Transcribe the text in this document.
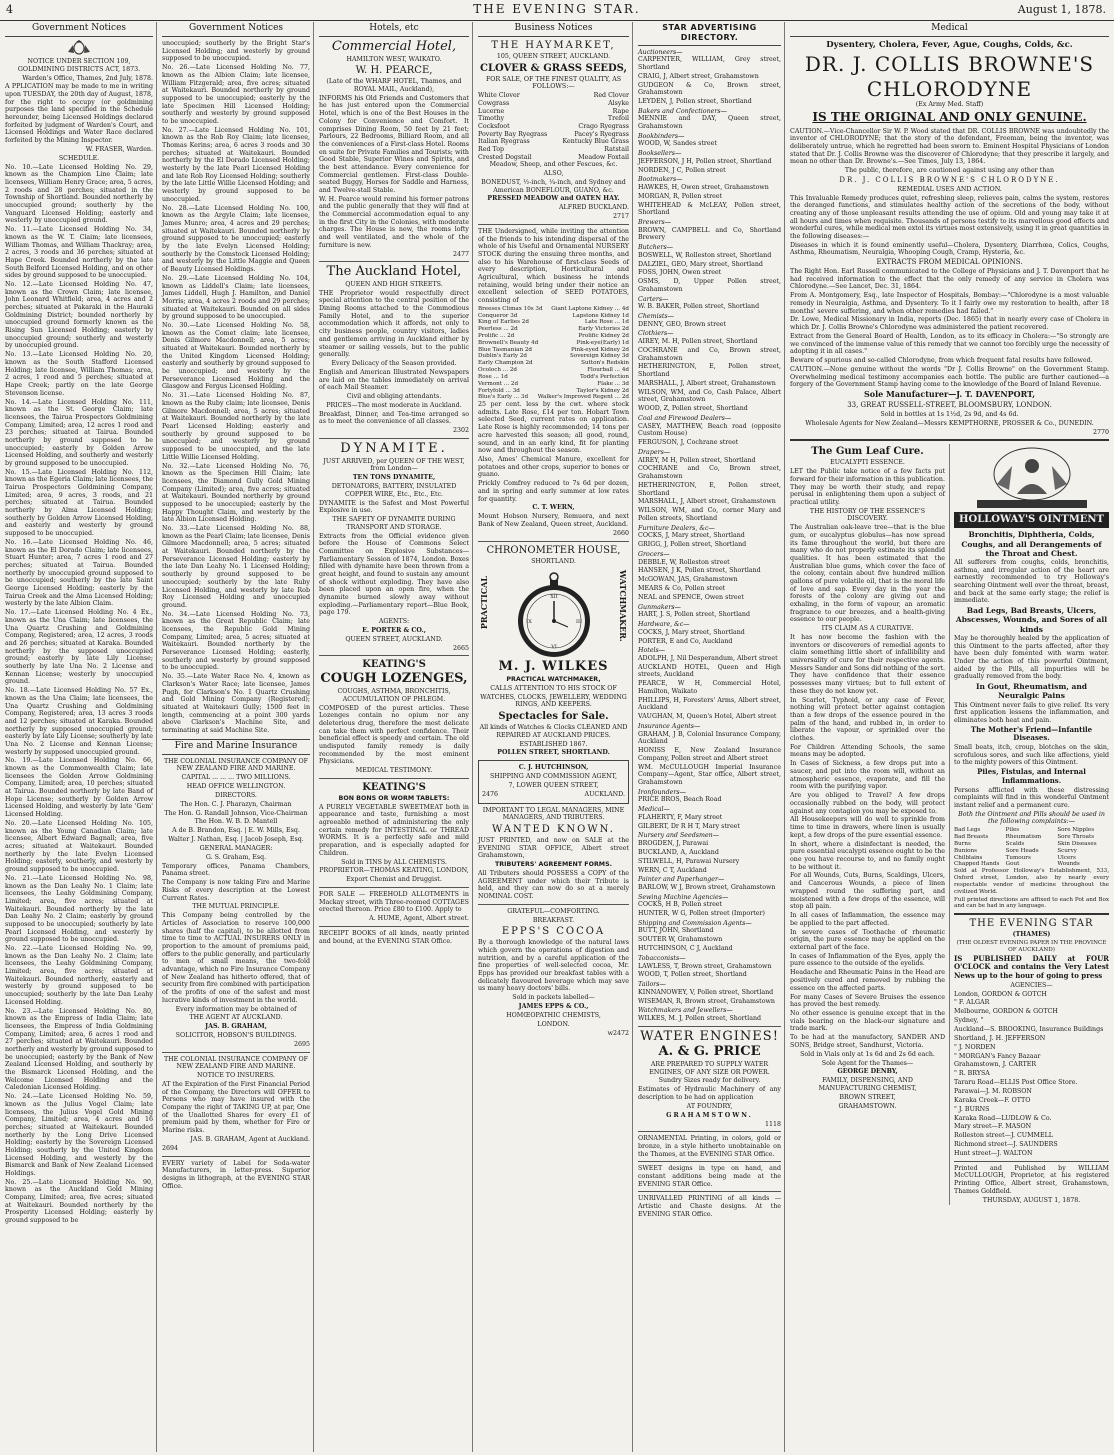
4	THE EVENING STAR.	August 1, 1878.
Government Notices

NOTICE UNDER SECTION 109, GOLDMINING DISTRICTS ACT, 1873.

Warden's Office, Thames, 2nd July, 1878.

A PPLICATION may be made to me in writing upon TUESDAY, the 20th day of August, 1878, for the right to occupy (or goldmining purposes the land specified in the Schedule hereunder, being Licensed Holdings declared forfeited by judgment of Warden's Court, and Licensed Holdings and Water Race declared forfeited by the Mining Inspector.

W. FRASER, Warden.

SCHEDULE.

No. 10.—Late Licensed Holding No. 29, known as the Champion Line Claim; late licensees, William Henry Grace; area, 5 acres, 2 roods and 28 perches; situated in the Township of Shortland. Bounded northerly by unoccupied ground; southerly by the Vanguard Licensed Holding; easterly and westerly by unoccupied ground.

No. 11.—Late Licensed Holding No. 34, known as the W. T. Claim; late licensees, William Thomas, and William Thackray; area, 2 acres, 3 roods and 36 perches; situated at Hape Creek. Bounded northerly by the late South Belford Licensed Holding, and on other sides by ground supposed to be unoccupied.

No. 12.—Late Licensed Holding No. 47, known as the Crown Claim; late licensee, John Leonard Whitfield; area, 4 acres and 2 perches; situated at Pakaraki in the Hauraki Goldmining District; bounded northerly by unoccupied ground formerly known as the Rising Sun Licensed Holding; easterly by unoccupied ground; southerly and westerly by unoccupied ground.

No. 13.—Late Licensed Holding No. 20, known as the South Stafford Licensed Holding; late licensee, William Thomas; area, 2 acres, 1 rood and 5 perches; situated at Hape Creek; partly on the late George Stevenson license.

No. 14.—Late Licensed Holding No. 111, known as the St. George Claim; late licensees, the Tairua Prospectors Goldmining Company, Limited; area, 12 acres 1 rood and 23 perches; situated at Tairua. Bounded northerly by ground supposed to be unoccupied; easterly by Golden Arrow Licensed Holding, and southerly and westerly by ground supposed to be unoccupied.

No. 15.—Late Licensed Holding No. 112, known as the Egeria Claim; late licensees, the Tairua Prospectors Goldmining Company, Limited; area, 9 acres, 3 roods, and 21 perches; situated at Tairua. Bounded northerly by Alma Licensed Holding; southerly by Golden Arrow Licensed Holding, and easterly and westerly by ground supposed to be unoccupied.

No. 16.—Late Licensed Holding No. 46, known as the El Dorado Claim; late licensees, Stuart Hunter; area, 7 acres 1 rood and 27 perches; situated at Tairua. Bounded northerly by unoccupied ground supposed to be unoccupied; southerly by the late Saint George Licensed Holding; easterly by the Tairua Creek and the Alma Licensed Holding; westerly by the late Albion Claim.

No. 17.—Late Licensed Holding No. 4 Ex., known as the Una Claim; late licensees, the Una Quartz Crushing and Goldmining Company, Registered; area, 12 acres, 3 roods and 26 perches; situated at Karaka. Bounded northerly by the supposed unoccupied ground; easterly by late Lily License; southerly by late Una No. 2 License and Kennan License; westerly by unoccupied ground.

No. 18.—Late Licensed Holding No. 57 Ex., known as the Una Claim; late licensees, the Una Quartz Crushing and Goldmining Company, Registered; area, 13 acres 3 roods and 12 perches; situated at Karaka. Bounded northerly by supposed unoccupied ground; easterly by late Lily License; southerly by late Una No. 2 License and Kennan License; westerly by supposed unoccupied ground.

No. 19.—Late Licensed Holding No. 66, known as the Commonwealth Claim; late licensees the Golden Arrow Goldmining Company, Limited; area, 10 perches; situated at Tairua. Bounded northerly by late Band of Hope License; southerly by Golden Arrow Licensed Holding, and westerly by late 'Gem' Licensed Holding.

No. 20.—Late Licensed Holding No. 105, known as the Young Canadian Claim; late licensee, Albert Edward Bagnall; area, five acres; situated at Waitekauri. Bounded northerly by the late Evelyn Licensed Holding; easterly, southerly, and westerly by ground supposed to be unoccupied.

No. 21.—Late Licensed Holding No. 98, known as the Dan Leahy No. 1 Claim; late licensees, the Leahy Goldmining Company, Limited; area, five acres; situated at Waitekauri. Bounded northerly by the late Dan Leahy No. 2 Claim; easterly by ground supposed to be unoccupied; southerly by late Pearl Licensed Holding, and westerly by ground supposed to be unoccupied.

No. 22.—Late Licensed Holding No. 99, known as the Dan Leahy No. 2 Claim; late licensees, the Leahy Goldmining Company, Limited; area, five acres; situated at Waitekauri. Bounded northerly, easterly and westerly by ground supposed to be unoccupied; southerly by the late Dan Leahy Licensed Holding.

No. 23.—Late Licensed Holding No. 80, known as the Empress of India Claim; late licensees, the Empress of India Goldmining Company, Limited; area, 6 acres 1 rood and 27 perches; situated at Waitekauri. Bounded northerly and westerly by ground supposed to be unoccupied; easterly by the Bank of New Zealand Licensed Holding, and southerly by the Bismarck Licensed Holding, and the Welcome Licensed Holding and the Caledonian Licensed Holding.

No. 24.—Late Licensed Holding No. 59, known as the Julius Vogel Claim; late licensees, the Julius Vogel Gold Mining Company, Limited; area, 4 acres and 16 perches; situated at Waitekauri. Bounded northerly by the Long Drive Licensed Holding; easterly by the Sovereign Licensed Holding; southerly by the United Kingdom Licensed Holding, and westerly by the Bismarck and Bank of New Zealand Licensed Holdings.

No. 25.—Late Licensed Holding No. 90, known as the Auckland Gold Mining Company, Limited; area, five acres; situated at Waitekauri. Bounded northerly by the Prosperity Licensed Holding; easterly by ground supposed to be

Government Notices

unoccupied; southerly by the Bright Star's Licensed Holding; and westerly by ground supposed to be unoccupied.

No. 26.—Late Licensed Holding No. 77, known as the Albion Claim; late licensee, William Fitzgerald; area, five acres; situated at Waitekauri. Bounded northerly by ground supposed to be unoccupied; easterly by the late Specimen Hill Licensed Holding; southerly and westerly by ground supposed to be unoccupied.

No. 27.—Late Licensed Holding No. 101, known as the Rob Roy Claim; late licensee, Thomas Kerins; area, 6 acres 3 roods and 30 perches; situated at Waitekauri. Bounded northerly by the El Dorado Licensed Holding; westerly by the late Pearl Licensed Holding and late Rob Roy Licensed Holding; southerly by the late Little Willie Licensed Holding; and westerly by ground supposed to be unoccupied.

No. 28.—Late Licensed Holding No. 100, known as the Argyle Claim; late licensee, James Munro; area, 4 acres and 29 perches; situated at Waitekauri. Bounded northerly by ground supposed to be unoccupied; easterly by the late Evelyn Licensed Holding; southerly by the Comstock Licensed Holding; and westerly by the Little Maggie and Queen of Beauty Licensed Holdings.

No. 29.—Late Licensed Holding No. 104, known as Liddell's Claim; late licensees, James Liddell, Hugh J. Hamilton, and Daniel Morris; area, 4 acres 2 roods and 29 perches; situated at Waitekauri. Bounded on all sides by ground supposed to be unoccupied.

No. 30.—Late Licensed Holding No. 58, known as the Comet claim; late licensee, Denis Gilmore Macdonnell; area, 5 acres; situated at Waitekauri. Bounded northerly by the United Kingdom Licensed Holding; easterly and southerly by ground supposed to be unoccupied; and westerly by the Perseverance Licensed Holding and the Glasgow and Fergus Licensed Holding.

No. 31.—Late Licensed Holding No. 87, known as the Ruby claim; late licensee, Denis Gilmore Macdonnell; area, 5 acres; situated at Waitekauri. Bounded northerly by the late Pearl Licensed Holding; easterly and southerly by ground supposed to be unoccupied; and westerly by ground supposed to be unoccupied, and the late Little Willie Licensed Holding.

No. 32.—Late Licensed Holding No. 76, known as the Specimen Hill Claim; late licensees, the Diamond Gully Gold Mining Company (Limited); area, five acres; situated at Waitekauri. Bounded northerly by ground supposed to be unoccupied; easterly by the Happy Thought Claim, and westerly by the late Albion Licensed Holding.

No. 33.—Late Licensed Holding No. 88, known as the Pearl Claim; late licensee, Denis Gilmore Macdonnell; area, 5 acres; situated at Waitekauri. Bounded northerly by the Perseverance Licensed Holding; easterly by the late Dan Leahy No. 1 Licensed Holding; southerly by ground supposed to be unoccupied; southerly by the late Ruby Licensed Holding, and westerly by late Rob Roy Licensed Holding and unoccupied ground.

No. 34.—Late Licensed Holding No. 73, known as the Great Republic Claim; late licensees, the Republic Gold Mining Company, Limited; area, 5 acres; situated at Waitekauri. Bounded northerly by the Perseverance Licensed Holding; easterly, southerly and westerly by ground supposed to be unoccupied.

No. 35.—Late Water Race No. 4, known as Clarkson's Water Race; late licensee, James Pugh, for Clarkson's No. 1 Quartz Crushing and Gold Mining Company (Registered); situated at Waitekauri Gully; 1500 feet in length, commencing at a point 300 yards above Clarkson's Machine Site, and terminating at said Machine Site.

Fire and Marine Insurance

THE COLONIAL INSURANCE COMPANY OF NEW ZEALAND FIRE AND MARINE.

CAPITAL ... ... ... TWO MILLIONS.

HEAD OFFICE WELLINGTON.

DIRECTORS.

The Hon. C. J. Pharazyn, Chairman

The Hon. G. Randall Johnson, Vice-Chairman

The Hon. W. B. D. Mantell

A de B. Brandon, Esq. | E. W. Mills, Esq.

Walter J. Nathan, Esq. | Jacob Joseph, Esq.

GENERAL MANAGER:

G. S. Graham, Esq.

Temporary offices, Panama Chambers, Panama street.

The Company is now taking Fire and Marine Risks of every description at the Lowest Current Rates.

THE MUTUAL PRINCIPLE.

This Company being controlled by the Articles of Association to reserve 100,000 shares (half the capital), to be allotted from time to time to ACTUAL INSURERS ONLY in proportion to the amount of premiums paid, offers to the public generally, and particularly to men of small means, the two-fold advantage, which no Fire Insurance Company of New Zealand has hitherto offered, that of security from fire combined with participation of the profits of one of the safest and most lucrative kinds of investment in the world.

Every information may be obtained of

THE AGENT AT AUCKLAND.

JAS. B. GRAHAM,

SOLICITOR, HOBSON'S BUILDINGS.

2695

THE COLONIAL INSURANCE COMPANY OF NEW ZEALAND FIRE AND MARINE.

NOTICE TO INSURERS.

AT the Expiration of the First Financial Period of the Company, the Directors will OFFER to Persons who may have insured with the Company the right of TAKING UP, at par, One of the Unallotted Shares for every £1 of premium paid by them, whether for Fire or Marine risks.

JAS. B. GRAHAM, Agent at Auckland.

2694

EVERY variety of Label for Soda-water Manufacturers, in letter-press. Superior designs in lithograph, at the EVENING STAR Office.

Hotels, etc
Commercial Hotel,

HAMILTON WEST, WAIKATO.

W. H. PEARCE,

(Late of the WHARF HOTEL, Thames, and ROYAL MAIL, Auckland),

INFORMS his Old Friends and Customers that he has just entered upon the Commercial Hotel, which is one of the Best Houses in the Colony for Convenience and Comfort. It comprises Dining Room, 50 feet by 21 feet; Parlours, 22 Bedrooms, Billiard Room, and all the conveniences of a First-class Hotel. Rooms en suite for Private Families and Tourists; with Good Stable, Superior Wines and Spirits, and the best attendance. Every convenience for Commercial gentlemen. First-class Double-seated Buggy, Horses for Saddle and Harness, and Twelve-stall Stable.

W. H. Pearce would remind his former patrons and the public generally that they will find at the Commercial accommodation equal to any in the first City in the Colonies, with moderate charges. The House is new, the rooms lofty and well ventilated, and the whole of the furniture is new.

2477

The Auckland Hotel,

QUEEN AND HIGH STREETS.

THE Proprietor would respectfully direct special attention to the central position of the Dining Rooms attached to the Commodious Family Hotel, and to the superior accommodation which it affords, not only to city business people, country visitors, ladies and gentlemen arriving in Auckland either by steamer or sailing vessels, but to the public generally.

Every Delicacy of the Season provided.

English and American Illustrated Newspapers are laid on the tables immediately on arrival of each Mail Steamer.

Civil and obliging attendants.

PRICES—The most moderate in Auckland.

Breakfast, Dinner, and Tea-time arranged so as to meet the convenience of all classes.

2302

DYNAMITE.

JUST ARRIVED, per QUEEN OF THE WEST, from London—

TEN TONS DYNAMITE,

DETONATORS, BATTERY, INSULATED COPPER WIRE, Etc., Etc., Etc.

DYNAMITE is the Safest and Most Powerful Explosive in use.

THE SAFETY OF DYNAMITE DURING TRANSPORT AND STORAGE.

Extracts from the Official evidence given before the House of Commons Select Committee on Explosive Substances—Parliamentary Session of 1874, London. Boxes filled with dynamite have been thrown from a great height, and found to sustain any amount of shock without exploding. They have also been placed upon an open fire, when the dynamite burned slowly away without exploding.—Parliamentary report—Blue Book, page 179.

AGENTS:

E. PORTER & CO.,

QUEEN STREET, AUCKLAND.

2665

KEATING'S
COUGH LOZENGES,

COUGHS, ASTHMA, BRONCHITIS, ACCUMULATION OF PHLEGM.

COMPOSED of the purest articles. These Lozenges contain no opium nor any deleterious drug, therefore the most delicate can take them with perfect confidence. Their beneficial effect is speedy and certain. The old undisputed family remedy is daily recommended by the most eminent Physicians.

MEDICAL TESTIMONY.

KEATING'S

BON BONS OR WORM TABLETS:

A PURELY VEGETABLE SWEETMEAT both in appearance and taste, furnishing a most agreeable method of administering the only certain remedy for INTESTINAL or THREAD WORMS. It is a perfectly safe and mild preparation, and is especially adapted for Children.

Sold in TINS by ALL CHEMISTS.

PROPRIETOR—THOMAS KEATING, LONDON,

Export Chemist and Druggist.

FOR SALE — FREEHOLD ALLOTMENTS in Mackay street, with Three-roomed COTTAGES erected thereon. Price £80 to £100. Apply to

A. HUME, Agent, Albert street.

RECEIPT BOOKS of all kinds, neatly printed and bound, at the EVENING STAR Office.

Business Notices
THE HAYMARKET,

105, QUEEN STREET, AUCKLAND.

CLOVER & GRASS SEEDS,

FOR SALE, OF THE FINEST QUALITY, AS FOLLOWS:—

White Clover	Red Clover
Cowgrass	Alsyke
Lucerne	Rape
Timothy	Trefoil
Cocksfoot	Crago Ryegrass
Poverty Bay Ryegrass	Pacey's Ryegrass
Italian Ryegrass	Kentucky Blue Grass
Red Top	Ratstail
Crested Dogstail	Meadow Foxtail

Meadow, Sheep, and other Fescues, &c.

ALSO,

BONEDUST, ½-inch, ¼-inch, and Sydney and American BONEFLOUR, GUANO, &c.

PRESSED MEADOW and OATEN HAY.

ALFRED BUCKLAND.

2717

THE Undersigned, while inviting the attention of the friends to his intending dispersal of the whole of his Useful and Ornamental NURSERY STOCK during the ensuing three months, and also to his Warehouse of first-class Seeds of every description, Horticultural and Agricultural, which business he intends retaining, would bring under their notice an excellent selection of SEED POTATOES, consisting of

Breeses Climax 10s 3d Giant Laptone Kidney ... 4d
Conqueror 3d	Lapstone Kidney 1d
King of Earlies 2d	Late Rose ... 1d
Peerless ... 2d	Early Victories 2d
Prolific ... 2d	Prolific Kidney 2d
Brownell's Beauty 4d	Pink-eye(Early) 1d
Blue Tasmanian 2d	Pink-eyed Kidney 2d
Dublin's Early 2d	Sovereign Kidney 3d
Early Champion 2d	Sutton's Redskin
Ocoloch ... 2d	Flourball ... 4d
Rose ... 1d	Todd's Perfection
Vermont ... 2d	Flake ... 3d
Fortyfold ... 3d	Taylor's Kidney 2d
Blue's Early ... 3d Walker's Improved Regent ... 2d

25 per cent. less by the cwt. where stock admits. Late Rose, £14 per ton. Hobart Town selected Seed, current rates on application. Late Rose is highly recommended; 14 tons per acre harvested this season; all good, round, sound, and in an early kind, fit for planting now and throughout the season.

Also, Ames' Chemical Manure, excellent for potatoes and other crops, superior to bones or guano.

Prickly Comfrey reduced to 7s 6d per dozen, and in spring and early summer at low rates for quantity.

C. T. WERN,

Mount Hobson Nursery, Remuera, and next Bank of New Zealand, Queen street, Auckland.

2660

CHRONOMETER HOUSE,

SHORTLAND.

PRACTICAL	XII
III
VI
IX	WATCHMAKER.
M. J. WILKES

PRACTICAL WATCHMAKER,

CALLS ATTENTION TO HIS STOCK OF

WATCHES, CLOCKS, JEWELLERY, WEDDING RINGS, AND KEEPERS.

Spectacles for Sale.

All kinds of Watches & Clocks CLEANED AND REPAIRED AT AUCKLAND PRICES.

ESTABLISHED 1867.

POLLEN STREET, SHORTLAND.

C. J. HUTCHINSON,

SHIPPING AND COMMISSION AGENT,

7, LOWER QUEEN STREET,

2476	AUCKLAND.

IMPORTANT TO LEGAL MANAGERS, MINE MANAGERS, AND TRIBUTERS.

WANTED KNOWN.

JUST PRINTED, and now on SALE at the EVENING STAR OFFICE, Albert street Grahamstown,

TRIBUTERS' AGREEMENT FORMS.

All Tributers should POSSESS a COPY of the AGREEMENT under which their Tribute is held, and they can now do so at a merely NOMINAL COST.

GRATEFUL—COMFORTING.

BREAKFAST.

EPPS'S COCOA

By a thorough knowledge of the natural laws which govern the operations of digestion and nutrition, and by a careful application of the fine properties of well-selected cocoa, Mr. Epps has provided our breakfast tables with a delicately flavoured beverage which may save us many heavy doctors' bills.

Sold in packets labelled—

JAMES EPPS & CO.,

HOMŒOPATHIC CHEMISTS,

LONDON.

w2472

STAR ADVERTISING DIRECTORY.
Auctioneers—

CARPENTER, WILLIAM, Grey street, Shortland

CRAIG, J, Albert street, Grahamstown

GUDGEON & Co, Brown street, Grahamstown

LEYDEN, J, Pollen street, Shortland

Bakers and Confectioners—

MENNIE and DAY, Queen street, Grahamstown

Bookbinders—

WOOD, W, Sandes street

Booksellers—

JEFFERSON, J H, Pollen street, Shortland

NORDEN, J C, Pollen street

Bootmakers—

HAWKES, H, Owen street, Grahamstown

MORGAN, R, Pollen street

WHITEHEAD & McLEAY, Pollen street, Shortland

Brewers—

BROWN, CAMPBELL and Co, Shortland Brewery

Butchers—

BOSWELL, W, Rolleston street, Shortland

DALZIEL, GEO, Mary street, Shortland

FOSS, JOHN, Owen street

OSMS, D, Upper Pollen street, Grahamstown

Carters—

W. B. BAKER, Pollen street, Shortland

Chemists—

DENNY, GEO, Brown street

Clothiers—

AIREY, M. H, Pollen street, Shortland

COCHRANE and Co, Brown street, Grahamstown

HETHERINGTON, E, Pollen street, Shortland

MARSHALL, J, Albert street, Grahamstown

WILSON, WM, and Co, Cash Palace, Albert street, Grahamstown

WOOD, Z, Pollen street, Shortland

Coal and Firewood Dealers—

CASEY, MATTHEW, Beach road (opposite Custom House)

FERGUSON, J, Cochrane street

Drapers—

AIREY, M H, Pollen street, Shortland

COCHRANE and Co, Brown street, Grahamstown

HETHERINGTON, E, Pollen street, Shortland

MARSHALL, J, Albert street, Grahamstown

WILSON, WM, and Co, corner Mary and Pollen streets, Shortland

Furniture Dealers, &c—

COCKS, J, Mary street, Shortland

GRIGG, J, Pollen street, Shortland

Grocers—

DEBBLE, W, Rolleston street

HANSEN, J K, Pollen street, Shortland

McGOWAN, JAS, Grahamstown

MEARS & Co, Pollen street

NEAL and SPENCE, Owen street

Gunmakers—

HART, J. S, Pollen street, Shortland

Hardware, &c—

COCKS, J, Mary street, Shortland

PORTER, E and Co, Auckland

Hotels—

ADOLPH, J, Nil Desperandum, Albert street

AUCKLAND HOTEL, Queen and High streets, Auckland

PEARCE, W H, Commercial Hotel, Hamilton, Waikato

PHILLIPS, H, Foresters' Arms, Albert street, Auckland

VAUGHAN, M, Queen's Hotel, Albert street

Insurance Agents—

GRAHAM, J B, Colonial Insurance Company, Auckland

HONISS E, New Zealand Insurance Company, Pollen street and Albert street

WM. McCULLOUGH Imperial Insurance Company—Agent, Star office, Albert street, Grahamstown

Ironfounders—

PRICE BROS, Beach Road

Medical—

FLAHERTY, F, Mary street

GILBERT, Dr R H T, Mary street

Nursery and Seedsmen—

BROGDEN, J, Parawai

BUCKLAND, A, Auckland

STILWELL, H, Parawai Nursery

WERN, C T, Auckland

Painter and Paperhanger—

BARLOW, W J, Brown street, Grahamstown

Sewing Machine Agencies—

COCKS, H B, Pollen street

HUNTER, W G, Pollen street (Importer)

Shipping and Commission Agents—

BUTT, JOHN, Shortland

SOUTER W, Grahamstown

HUTCHINSON, C J, Auckland

Tobacconists—

LAWLESS, T, Brown street, Grahamstown

WOOD, T, Pollen street, Shortland

Tailors—

KINNANOWEY, V, Pollen street, Shortland

WISEMAN, R, Brown street, Grahamstown

Watchmakers and Jewellers—

WILKES, M. J, Pollen street, Shortland

WATER ENGINES!
A. & G. PRICE

ARE PREPARED TO SUPPLY WATER ENGINES, OF ANY SIZE OR POWER.

Sundry Sizes ready for delivery.

Estimates of Hydraulic Machinery of any description to be had on application

AT FOUNDRY,

GRAHAMSTOWN.

1118

ORNAMENTAL Printing, in colors, gold or bronze, in a style hitherto unobtainable on the Thames, at the EVENING STAR Office.

SWEET designs in type on hand, and constant additions being made at the EVENING STAR Office.

UNRIVALLED PRINTING of all kinds —Artistic and Chaste designs. At the EVENING STAR Office.

Medical

Dysentery, Cholera, Fever, Ague, Coughs, Colds, &c.

DR. J. COLLIS BROWNE'S CHLORODYNE

(Ex Army Med. Staff)

IS THE ORIGINAL AND ONLY GENUINE.

CAUTION.—Vice-Chancellor Sir W. P. Wood stated that DR. COLLIS BROWNE was undoubtedly the inventor of CHLORODYNE; that the story of the defendant, Freeman, being the inventor, was deliberately untrue, which he regretted had been sworn to. Eminent Hospital Physicians of London stated that Dr. J. Collis Browne was the discoverer of Chlorodyne; that they prescribe it largely, and mean no other than Dr. Browne's.—See Times, July 13, 1864.

The public, therefore, are cautioned against using any other than

DR. J. COLLIS BROWNE'S CHLORODYNE.

REMEDIAL USES AND ACTION.

This Invaluable Remedy produces quiet, refreshing sleep, relieves pain, calms the system, restores the deranged functions, and stimulates healthy action of the secretions of the body, without creating any of those unpleasant results attending the use of opium. Old and young may take it at all hours and times when requisite. Thousands of persons testify to its marvellous good effects and wonderful cures, while medical men extol its virtues most extensively, using it in great quantities in the following diseases:—

Diseases in which it is found eminently useful—Cholera, Dysentery, Diarrhœa, Colics, Coughs, Asthma, Rheumatism, Neuralgia, Whooping Cough, Cramp, Hysteria, &c.

EXTRACTS FROM MEDICAL OPINIONS.

The Right Hon. Earl Russell communicated to the College of Physicians and J. T. Davenport that he had received information to the effect that the only remedy of any service in Cholera was Chlorodyne.—See Lancet, Dec. 31, 1864.

From A. Montgomery, Esq., late Inspector of Hospitals, Bombay:—"Chlorodyne is a most valuable remedy in Neuralgia, Asthma, and Dysentery. To it I fairly owe my restoration to health, after 18 months' severe suffering, and when other remedies had failed."

Dr. Lowe, Medical Missionary in India, reports (Dec. 1865) that in nearly every case of Cholera in which Dr. J. Collis Browne's Chlorodyne was administered the patient recovered.

Extract from the General Board of Health, London, as to its efficacy in Cholera:—"So strongly are we convinced of the immense value of this remedy that we cannot too forcibly urge the necessity of adopting it in all cases."

Beware of spurious and so-called Chlorodyne, from which frequent fatal results have followed.

CAUTION.—None genuine without the words "Dr J. Collis Browne" on the Government Stamp. Overwhelming medical testimony accompanies each bottle. The public are further cautioned—a forgery of the Government Stamp having come to the knowledge of the Board of Inland Revenue.

Sole Manufacturer—J. T. DAVENPORT,

33, GREAT RUSSELL-STREET, BLOOMSBURY, LONDON.

Sold in bottles at 1s 1½d, 2s 9d, and 4s 6d.

Wholesale Agents for New Zealand—Messrs KEMPTHORNE, PROSSER & Co., DUNEDIN.

2770

The Gum Leaf Cure.

EUCALYPTI ESSENCE.

LET the Public take notice of a few facts put forward for their information in this publication. They may be worth their study, and repay perusal in enlightening them upon a subject of practical utility.

THE HISTORY OF THE ESSENCE'S DISCOVERY.

The Australian oak-leave tree—that is the blue gum, or eucalyptus globulus—has now spread its fame throughout the world, but there are many who do not properly estimate its splendid qualities. It has been estimated that the Australian blue gums, which cover the face of the colony, contain about five hundred million gallons of pure volatile oil, that is the moral life of love and sap. Every day in the year the forests of the colony are giving out and exhaling, in the form of vapour, an aromatic fragrance to our breezes, and a health-giving essence to our people.

ITS CLAIM AS A CURATIVE.

It has now become the fashion with the inventors or discoverers of remedial agents to claim something little short of infallibility and universality of cure for their respective agents. Messrs Sander and Sons did nothing of the sort. They have confidence that their essence possesses many virtues; but to full extent of these they do not know yet.

In Scarlet, Typhoid, or any case of Fever, nothing will protect better against contagion than a few drops of the essence poured in the palm of the hand, and rubbed in, in order to liberate the vapour, or sprinkled over the clothes.

For Children Attending Schools, the same means may be adopted.

In Cases of Sickness, a few drops put into a saucer, and put into the room will, without an atmospheric essence, evaporate, and fill the room with the purifying vapor.

Are you obliged to Travel? A few drops occasionally rubbed on the body, will protect against any contagion you may be exposed to.

All Housekeepers will do well to sprinkle from time to time in drawers, where linen is usually kept, a few drops of the pure essential essence.

In short, where a disinfectant is needed, the pure essential eucalypti essence ought to be the one you have recourse to, and no family ought to be without it.

For all Wounds, Cuts, Burns, Scaldings, Ulcers, and Cancerous Wounds, a piece of linen wrapped round the suffering part, and moistened with a few drops of the essence, will stop all pain.

In all cases of Inflammation, the essence may be applied to the part affected.

In severe cases of Toothache of rheumatic origin, the pure essence may be applied on the external part of the face.

In cases of Inflammation of the Eyes, apply the pure essence to the outside of the eyelids.

Headache and Rheumatic Pains in the Head are positively cured and removed by rubbing the essence on the affected parts.

For many Cases of Severe Bruises the essence has proved the best remedy.

No other essence is genuine except that in the vials bearing on the black-our signature and trade mark.

To be had at the manufactory, SANDER AND SONS, Bridge street, Sandhurst, Victoria.

Sold in Vials only at 1s 6d and 2s 6d each.

Sole Agent for the Thames—

GEORGE DENBY,

FAMILY, DISPENSING, AND MANUFACTURING CHEMIST,

BROWN STREET,

GRAHAMSTOWN.

HOLLOWAY'S OINTMENT

Bronchitis, Diphtheria, Colds, Coughs, and all Derangements of the Throat and Chest.

All sufferers from coughs, colds, bronchitis, asthma, and irregular action of the heart are earnestly recommended to try Holloway's searching Ointment well over the throat, breast, and back at the same early stage; the relief is immediate.

Bad Legs, Bad Breasts, Ulcers, Abscesses, Wounds, and Sores of all kinds

May be thoroughly healed by the application of this Ointment to the parts affected, after they have been duly fomented with warm water. Under the action of this powerful Ointment, aided by the Pills, all impurities will be gradually removed from the body.

In Gout, Rheumatism, and Neuralgic Pains

This Ointment never fails to give relief. Its very first application lessens the inflammation, and eliminates both heat and pain.

The Mother's Friend—Infantile Diseases.

Small beats, itch, croup, blotches on the skin, scrofulous sores, and such like affections, yield to the mighty powers of this Ointment.

Piles, Fistulas, and Internal Inflammations.

Persons afflicted with these distressing complaints will find in this wonderful Ointment instant relief and a permanent cure.

Both the Ointment and Pills should be used in the following complaints:—

Bad Legs	Piles	Sore Nipples
Bad Breasts	Rheumatism	Sore Throats
Burns	Scalds	Skin Diseases
Bunions	Sore Heads	Scurvy
Chilblains	Tumours	Ulcers
Chapped Hands	Gout	Wounds

Sold at Professor Holloway's Establishment, 533, Oxford street, London, also by nearly every respectable vendor of medicine throughout the civilized World.

Full printed directions are affixed to each Pot and Box and can be had in any language.

THE EVENING STAR

(THAMES)

(THE OLDEST EVENING PAPER IN THE PROVINCE OF AUCKLAND)

IS PUBLISHED DAILY at FOUR O'CLOCK and contains the Very Latest News up to the hour of going to press

AGENCIES—

London, GORDON & GOTCH

" F. ALGAR

Melbourne, GORDON & GOTCH

Sydney, "

Auckland—S. BROOKING, Insurance Buildings

Shortland, J. H. JEFFERSON

" J. NORDEN

" MORGAN's Fancy Bazaar

Grahamstown, J. CARTER

" R. BRYSA

Tararu Road—ELLIS Post Office Store.

Parawai—J. M. ROBSON

Karaka Creek—F. OTTO

" J. BURNS

Karaka Road—LUDLOW & Co.

Mary street—F. MASON

Rolleston street—J. CUMMELL

Richmond street—J. SAUNDERS

Hunt street—J. WALTON

Printed and Published by WILLIAM McCULLOUGH, Proprietor, at his registered Printing Office, Albert street, Grahamstown, Thames Goldfield.

THURSDAY, AUGUST 1, 1878.
